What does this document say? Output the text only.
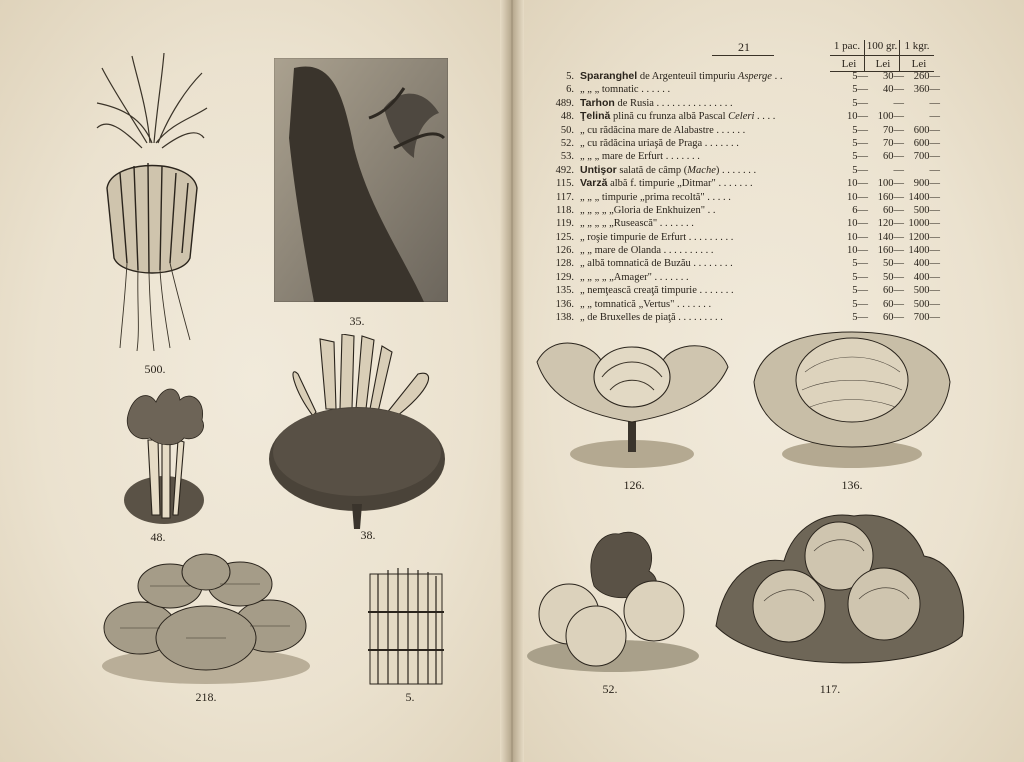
500.
35.
48.	38.
218.	5.
21	1 pac. 100 gr. 1 kgr.
Lei	Lei	Lei
5. Sparanghel de Argenteuil timpuriu Asperge . .	5—	30— 260—
6. „ „ „ tomnatic . . . . . .	5—	40— 360—
489. Tarhon de Rusia . . . . . . . . . . . . . . .	5—	—	—
48. Ţelină plină cu frunza albă Pascal Celeri . . . .	10— 100—	—
50. „ cu rădăcina mare de Alabastre . . . . . .	5—	70— 600—
52. „ cu rădăcina uriaşă de Praga . . . . . . .	5—	70— 600—
53. „ „ „ mare de Erfurt . . . . . . .	5—	60— 700—
492. Untişor salată de câmp (Mache) . . . . . . .	5—	—	—
115. Varză albă f. timpurie „Ditmar" . . . . . . .	10— 100— 900—
117. „ „ „ timpurie „prima recoltă" . . . . .	10— 160— 1400—
118. „ „ „ „ „Gloria de Enkhuizen" . .	6—	60— 500—
119. „ „ „ „ „Rusească" . . . . . . .	10— 120— 1000—
125. „ roşie timpurie de Erfurt . . . . . . . . .	10— 140— 1200—
126. „ „ mare de Olanda . . . . . . . . . .	10— 160— 1400—
128. „ albă tomnatică de Buzău . . . . . . . .	5—	50— 400—
129. „ „ „ „ „Amager" . . . . . . .	5—	50— 400—
135. „ nemţească creaţă timpurie . . . . . . .	5—	60— 500—
136. „ „ tomnatică „Vertus" . . . . . . .	5—	60— 500—
138. „ de Bruxelles de piaţă . . . . . . . . .	5—	60— 700—
126.	136.
52.	117.
